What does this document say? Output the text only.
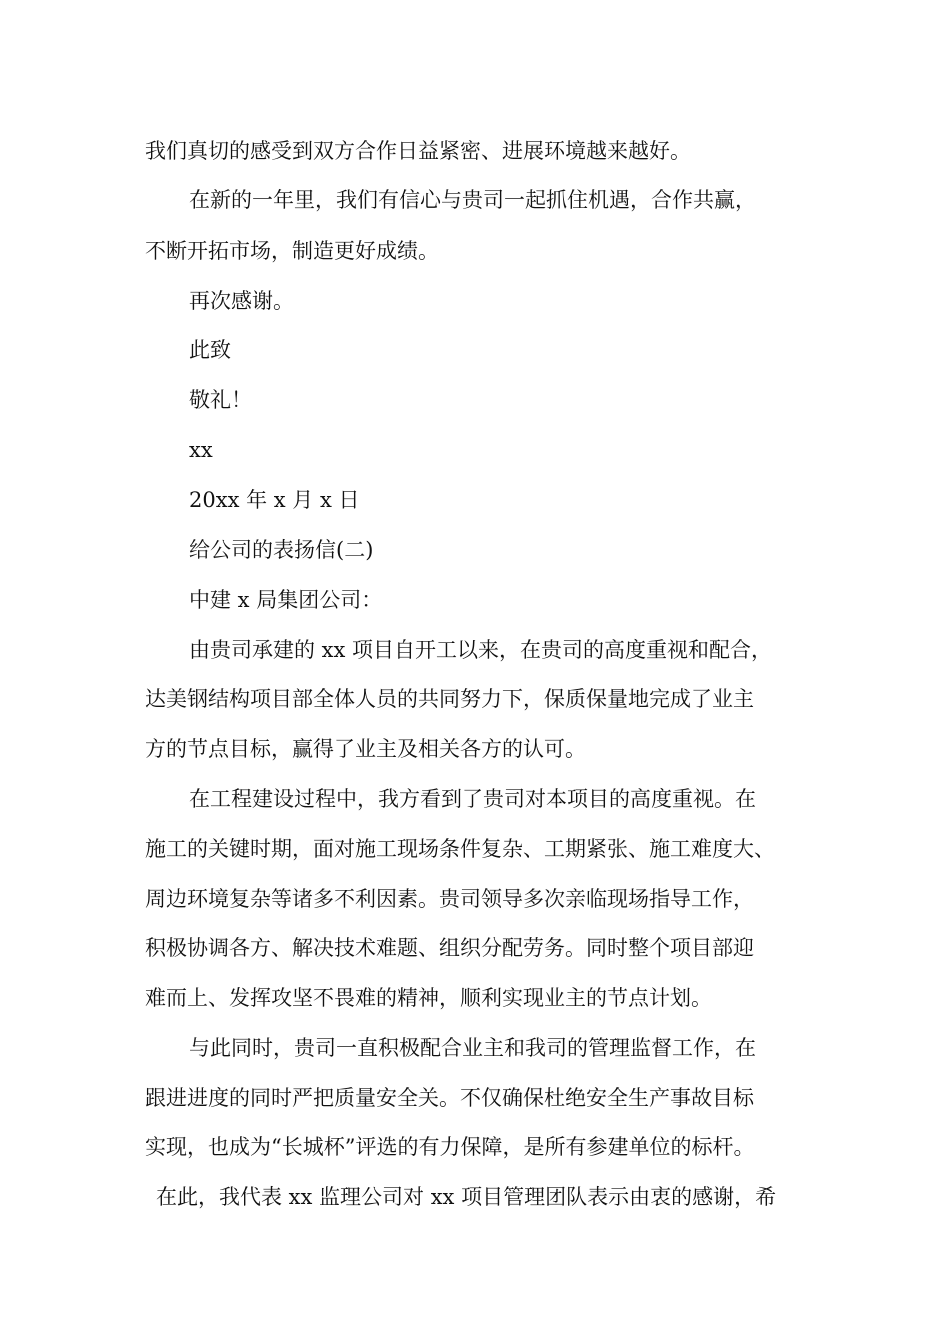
我们真切的感受到双方合作日益紧密、进展环境越来越好。

在新的一年里，我们有信心与贵司一起抓住机遇，合作共赢，

不断开拓市场，制造更好成绩。

再次感谢。

此致

敬礼！

xx

20xx 年 x 月 x 日

给公司的表扬信(二)

中建 x 局集团公司：

由贵司承建的 xx 项目自开工以来，在贵司的高度重视和配合，

达美钢结构项目部全体人员的共同努力下，保质保量地完成了业主

方的节点目标，赢得了业主及相关各方的认可。

在工程建设过程中，我方看到了贵司对本项目的高度重视。在

施工的关键时期，面对施工现场条件复杂、工期紧张、施工难度大、

周边环境复杂等诸多不利因素。贵司领导多次亲临现场指导工作，

积极协调各方、解决技术难题、组织分配劳务。同时整个项目部迎

难而上、发挥攻坚不畏难的精神，顺利实现业主的节点计划。

与此同时，贵司一直积极配合业主和我司的管理监督工作，在

跟进进度的同时严把质量安全关。不仅确保杜绝安全生产事故目标

实现，也成为“长城杯”评选的有力保障，是所有参建单位的标杆。

在此，我代表 xx 监理公司对 xx 项目管理团队表示由衷的感谢，希
